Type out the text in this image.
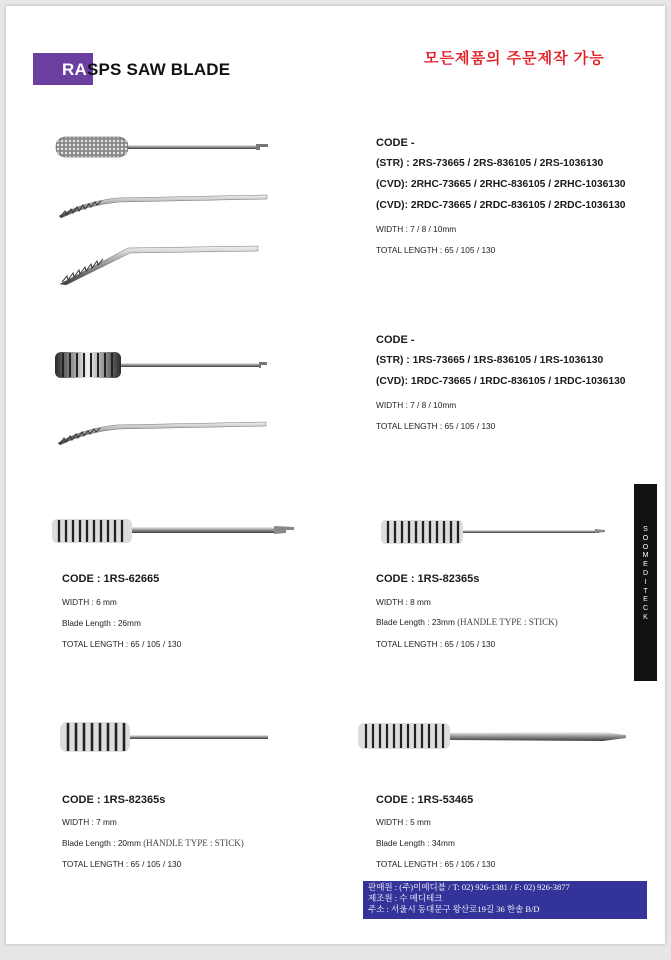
RASPS SAW BLADE
모든제품의 주문제작 가능
CODE -
(STR) : 2RS-73665 / 2RS-836105 / 2RS-1036130
(CVD): 2RHC-73665 / 2RHC-836105 / 2RHC-1036130
(CVD): 2RDC-73665 / 2RDC-836105 / 2RDC-1036130
WIDTH : 7 / 8 / 10mm
TOTAL LENGTH : 65 / 105 / 130
CODE -
(STR) : 1RS-73665 / 1RS-836105 / 1RS-1036130
(CVD): 1RDC-73665 / 1RDC-836105 / 1RDC-1036130
WIDTH : 7 / 8 / 10mm
TOTAL LENGTH : 65 / 105 / 130
CODE : 1RS-62665
WIDTH : 6 mm
Blade Length : 26mm
TOTAL LENGTH : 65 / 105 / 130
CODE : 1RS-82365s
WIDTH : 8 mm
Blade Length : 23mm (HANDLE TYPE : STICK)
TOTAL LENGTH : 65 / 105 / 130
CODE : 1RS-82365s
WIDTH : 7 mm
Blade Length : 20mm (HANDLE TYPE : STICK)
TOTAL LENGTH : 65 / 105 / 130
CODE : 1RS-53465
WIDTH : 5 mm
Blade Length : 34mm
TOTAL LENGTH : 65 / 105 / 130
S
O
O
M
E
D
I
T
E
C
K
판매원 : (주)이메디블 / T: 02) 926-1381 / F: 02) 926-3877
제조원 : 수 메디테크
주소 : 서울시 동대문구 왕산로19길 36 한솔 B/D
